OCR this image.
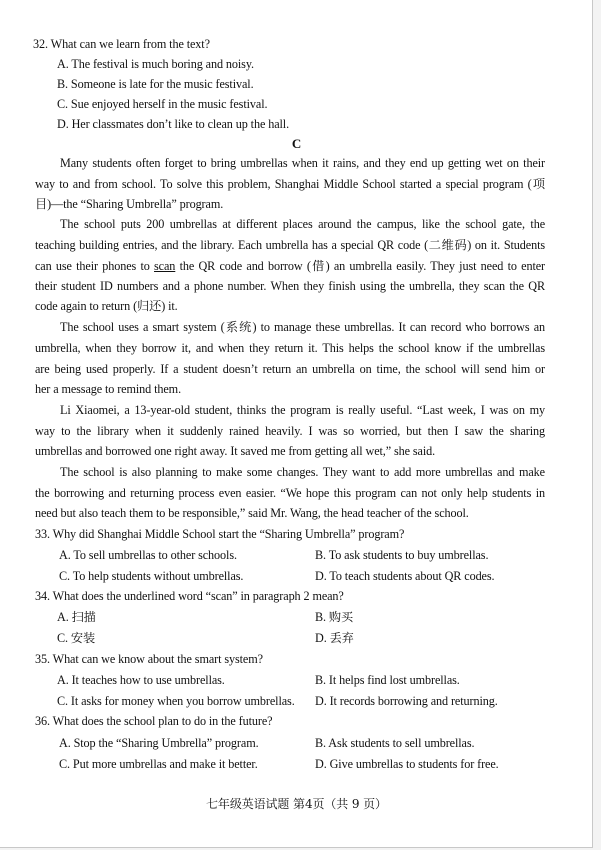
32. What can we learn from the text?
A. The festival is much boring and noisy.
B. Someone is late for the music festival.
C. Sue enjoyed herself in the music festival.
D. Her classmates don’t like to clean up the hall.
C
Many students often forget to bring umbrellas when it rains, and they end up getting wet on their
way to and from school. To solve this problem, Shanghai Middle School started a special program (项
目)—the “Sharing Umbrella” program.
The school puts 200 umbrellas at different places around the campus, like the school gate, the
teaching building entries, and the library. Each umbrella has a special QR code (二维码) on it. Students
can use their phones to scan the QR code and borrow (借) an umbrella easily. They just need to enter
their student ID numbers and a phone number. When they finish using the umbrella, they scan the QR
code again to return (归还) it.
The school uses a smart system (系统) to manage these umbrellas. It can record who borrows an
umbrella, when they borrow it, and when they return it. This helps the school know if the umbrellas
are being used properly. If a student doesn’t return an umbrella on time, the school will send him or
her a message to remind them.
Li Xiaomei, a 13-year-old student, thinks the program is really useful. “Last week, I was on my
way to the library when it suddenly rained heavily. I was so worried, but then I saw the sharing
umbrellas and borrowed one right away. It saved me from getting all wet,” she said.
The school is also planning to make some changes. They want to add more umbrellas and make
the borrowing and returning process even easier. “We hope this program can not only help students in
need but also teach them to be responsible,” said Mr. Wang, the head teacher of the school.
33. Why did Shanghai Middle School start the “Sharing Umbrella” program?
A. To sell umbrellas to other schools.	B. To ask students to buy umbrellas.
C. To help students without umbrellas.	D. To teach students about QR codes.
34. What does the underlined word “scan” in paragraph 2 mean?
A. 扫描	B. 购买
C. 安装	D. 丢弃
35. What can we know about the smart system?
A. It teaches how to use umbrellas.	B. It helps find lost umbrellas.
C. It asks for money when you borrow umbrellas. D. It records borrowing and returning.
36. What does the school plan to do in the future?
A. Stop the “Sharing Umbrella” program.	B. Ask students to sell umbrellas.
C. Put more umbrellas and make it better.	D. Give umbrellas to students for free.
七年级英语试题 第4页（共 9 页）
